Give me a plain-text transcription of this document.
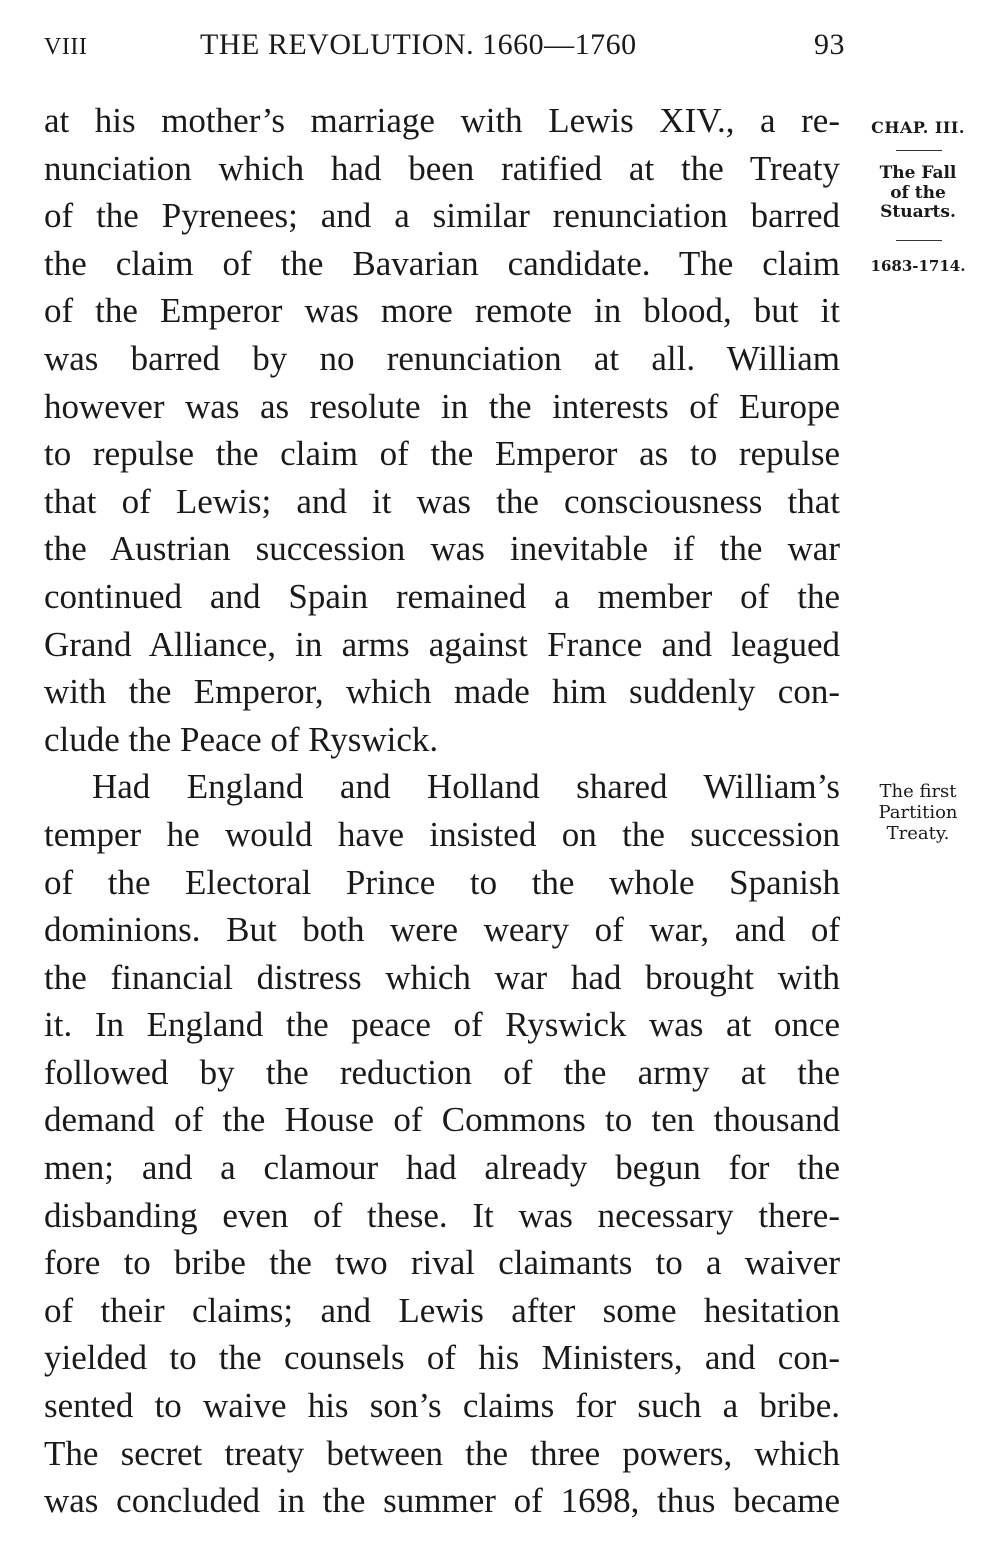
VIII	THE REVOLUTION. 1660—1760	93
CHAP. III.
The Fall
of the
Stuarts.
1683-1714.
The first
Partition
Treaty.
at his mother’s marriage with Lewis XIV., a re-
nunciation which had been ratified at the Treaty
of the Pyrenees; and a similar renunciation barred
the claim of the Bavarian candidate. The claim
of the Emperor was more remote in blood, but it
was barred by no renunciation at all. William
however was as resolute in the interests of Europe
to repulse the claim of the Emperor as to repulse
that of Lewis; and it was the consciousness that
the Austrian succession was inevitable if the war
continued and Spain remained a member of the
Grand Alliance, in arms against France and leagued
with the Emperor, which made him suddenly con-
clude the Peace of Ryswick.
Had England and Holland shared William’s
temper he would have insisted on the succession
of the Electoral Prince to the whole Spanish
dominions. But both were weary of war, and of
the financial distress which war had brought with
it. In England the peace of Ryswick was at once
followed by the reduction of the army at the
demand of the House of Commons to ten thousand
men; and a clamour had already begun for the
disbanding even of these. It was necessary there-
fore to bribe the two rival claimants to a waiver
of their claims; and Lewis after some hesitation
yielded to the counsels of his Ministers, and con-
sented to waive his son’s claims for such a bribe.
The secret treaty between the three powers, which
was concluded in the summer of 1698, thus became
